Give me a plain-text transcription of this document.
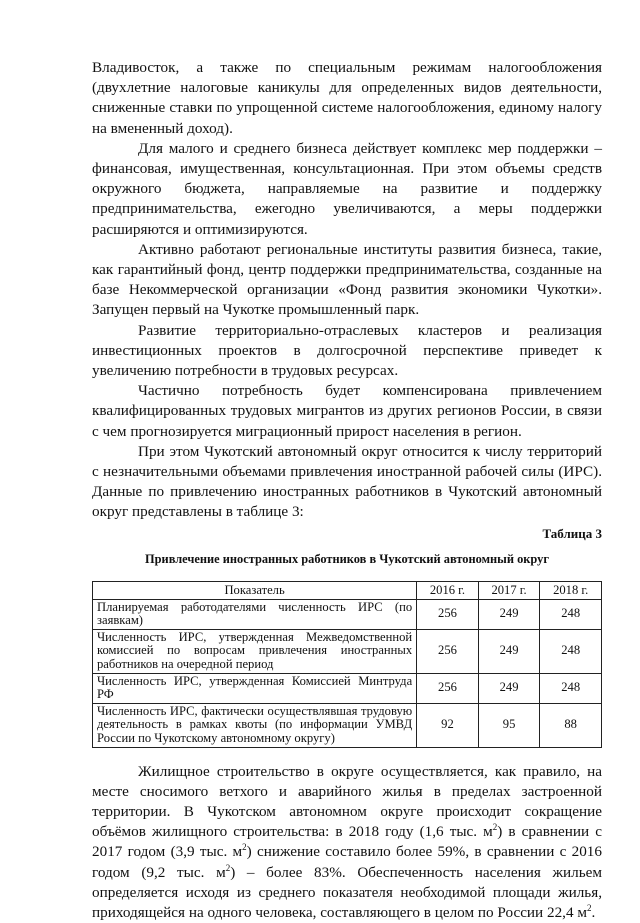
Владивосток, а также по специальным режимам налогообложения (двухлетние налоговые каникулы для определенных видов деятельности, сниженные ставки по упрощенной системе налогообложения, единому налогу на вмененный доход).

Для малого и среднего бизнеса действует комплекс мер поддержки – финансовая, имущественная, консультационная. При этом объемы средств окружного бюджета, направляемые на развитие и поддержку предпринимательства, ежегодно увеличиваются, а меры поддержки расширяются и оптимизируются.

Активно работают региональные институты развития бизнеса, такие, как гарантийный фонд, центр поддержки предпринимательства, созданные на базе Некоммерческой организации «Фонд развития экономики Чукотки». Запущен первый на Чукотке промышленный парк.

Развитие территориально-отраслевых кластеров и реализация инвестиционных проектов в долгосрочной перспективе приведет к увеличению потребности в трудовых ресурсах.

Частично потребность будет компенсирована привлечением квалифицированных трудовых мигрантов из других регионов России, в связи с чем прогнозируется миграционный прирост населения в регион.

При этом Чукотский автономный округ относится к числу территорий с незначительными объемами привлечения иностранной рабочей силы (ИРС). Данные по привлечению иностранных работников в Чукотский автономный округ представлены в таблице 3:

Таблица 3
Привлечение иностранных работников в Чукотский автономный округ
Показатель	2016 г.	2017 г.	2018 г.
Планируемая работодателями численность ИРС (по заявкам)	256	249	248
Численность ИРС, утвержденная Межведомственной комиссией по вопросам привлечения иностранных работников на очередной период	256	249	248
Численность ИРС, утвержденная Комиссией Минтруда РФ	256	249	248
Численность ИРС, фактически осуществлявшая трудовую деятельность в рамках квоты (по информации УМВД России по Чукотскому автономному округу)	92	95	88

Жилищное строительство в округе осуществляется, как правило, на месте сносимого ветхого и аварийного жилья в пределах застроенной территории. В Чукотском автономном округе происходит сокращение объёмов жилищного строительства: в 2018 году (1,6 тыс. $м^2$) в сравнении с 2017 годом (3,9 тыс. $м^2$) снижение составило более 59%, в сравнении с 2016 годом (9,2 тыс. $м^2$) – более 83%. Обеспеченность населения жильем определяется исходя из среднего показателя необходимой площади жилья, приходящейся на одного человека, составляющего в целом по России 22,4 $м^2$.
